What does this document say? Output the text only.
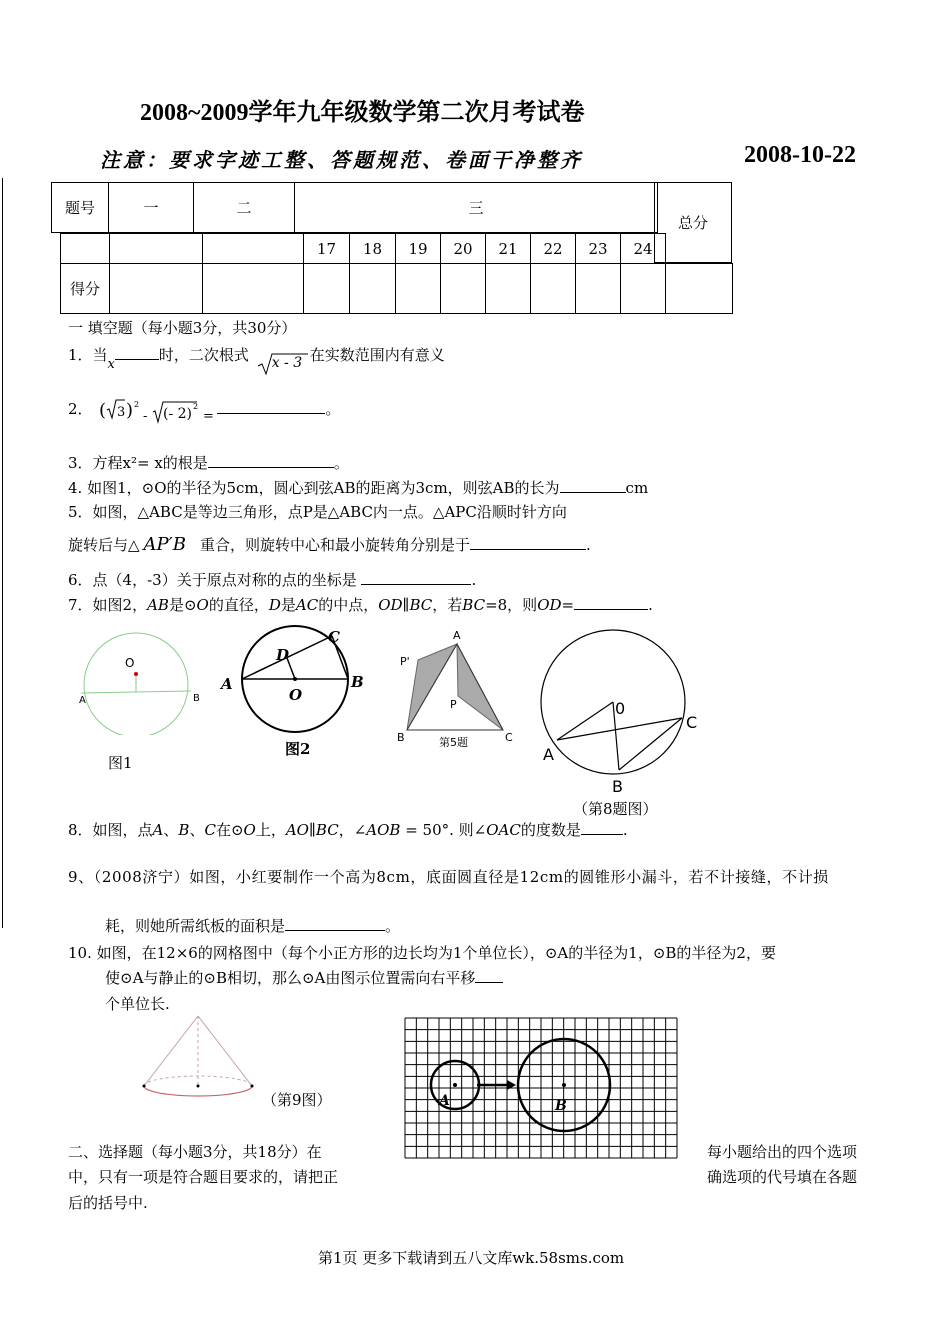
2008~2009学年九年级数学第二次月考试卷
注意：要求字迹工整、答题规范、卷面干净整齐	2008-10-22
题号	一	二	三
总分
			17	18	19	20	21	22	23	24
得分											
一 填空题（每小题3分，共30分）
1．当x时，二次根式 x - 3 在实数范围内有意义
2． ( 3 ) 2
- (- 2) 2
=	。
3．方程x²= x的根是	。
4. 如图1，⊙O的半径为5cm，圆心到弦AB的距离为3cm，则弦AB的长为	cm
5．如图，△ABC是等边三角形，点P是△ABC内一点。△APC沿顺时针方向
旋转后与△ AP′B 重合，则旋转中心和最小旋转角分别是于	.
6．点（4，-3）关于原点对称的点的坐标是	.
7．如图2，AB是⊙O的直径，D是AC的中点，OD∥BC，若BC=8，则OD=	.
O
A	B
图1
A	B
C
D
O
图2
A
P'
P
B	C
第5题
0
A
B
C
（第8题图）
8．如图，点A、B、C在⊙O上，AO∥BC，∠AOB = 50°. 则∠OAC的度数是	.
9、（2008济宁）如图，小红要制作一个高为8cm，底面圆直径是12cm的圆锥形小漏斗，若不计接缝，不计损
耗，则她所需纸板的面积是	。
10. 如图，在12×6的网格图中（每个小正方形的边长均为1个单位长），⊙A的半径为1，⊙B的半径为2，要
使⊙A与静止的⊙B相切，那么⊙A由图示位置需向右平移
个单位长.
（第9图）	A	B
二、选择题（每小题3分，共18分）在
中，只有一项是符合题目要求的，请把正
后的括号中.
每小题给出的四个选项
确选项的代号填在各题
第1页 更多下载请到五八文库wk.58sms.com
